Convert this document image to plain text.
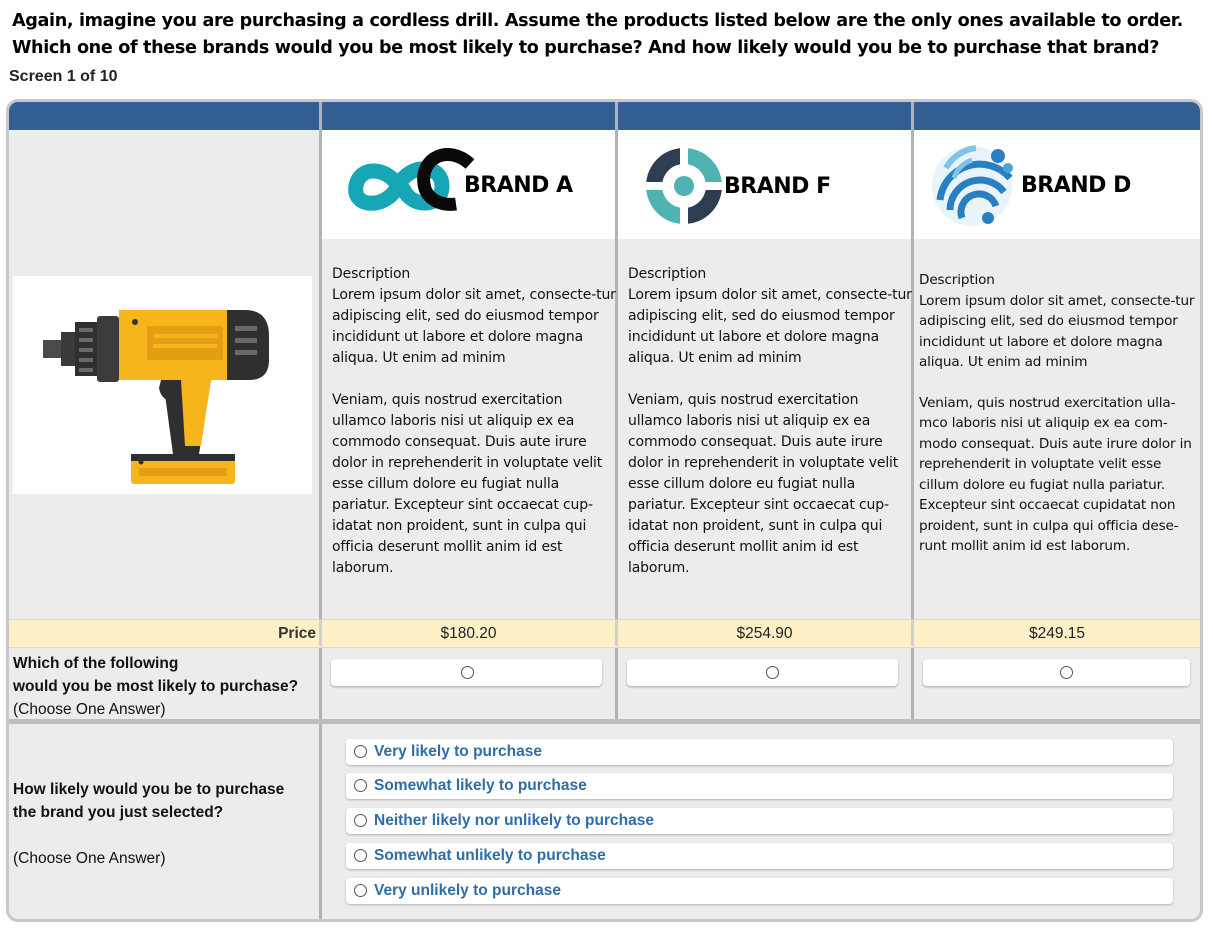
Again, imagine you are purchasing a cordless drill. Assume the products listed below are the only ones available to order.
Which one of these brands would you be most likely to purchase? And how likely would you be to purchase that brand?
Screen 1 of 10
BRAND A

Description

Lorem ipsum dolor sit amet, consecte-tur adipiscing elit, sed do eiusmod tempor incididunt ut labore et dolore magna aliqua. Ut enim ad minim

Veniam, quis nostrud exercitation ullamco laboris nisi ut aliquip ex ea commodo consequat. Duis aute irure dolor in reprehenderit in voluptate velit esse cillum dolore eu fugiat nulla pariatur. Excepteur sint occaecat cup-idatat non proident, sunt in culpa qui officia deserunt mollit anim id est laborum.

BRAND F

Description

Lorem ipsum dolor sit amet, consecte-tur adipiscing elit, sed do eiusmod tempor incididunt ut labore et dolore magna aliqua. Ut enim ad minim

Veniam, quis nostrud exercitation ullamco laboris nisi ut aliquip ex ea commodo consequat. Duis aute irure dolor in reprehenderit in voluptate velit esse cillum dolore eu fugiat nulla pariatur. Excepteur sint occaecat cup-idatat non proident, sunt in culpa qui officia deserunt mollit anim id est laborum.

BRAND D

Description

Lorem ipsum dolor sit amet, consecte-tur adipiscing elit, sed do eiusmod tempor incididunt ut labore et dolore magna aliqua. Ut enim ad minim

Veniam, quis nostrud exercitation ulla-mco laboris nisi ut aliquip ex ea com-modo consequat. Duis aute irure dolor in reprehenderit in voluptate velit esse cillum dolore eu fugiat nulla pariatur. Excepteur sint occaecat cupidatat non proident, sunt in culpa qui officia dese-runt mollit anim id est laborum.

Price	$180.20	$254.90	$249.15
Which of the following
would you be most likely to purchase?
(Choose One Answer)
How likely would you be to purchase
the brand you just selected?

(Choose One Answer)
Very likely to purchase
Somewhat likely to purchase
Neither likely nor unlikely to purchase
Somewhat unlikely to purchase
Very unlikely to purchase
